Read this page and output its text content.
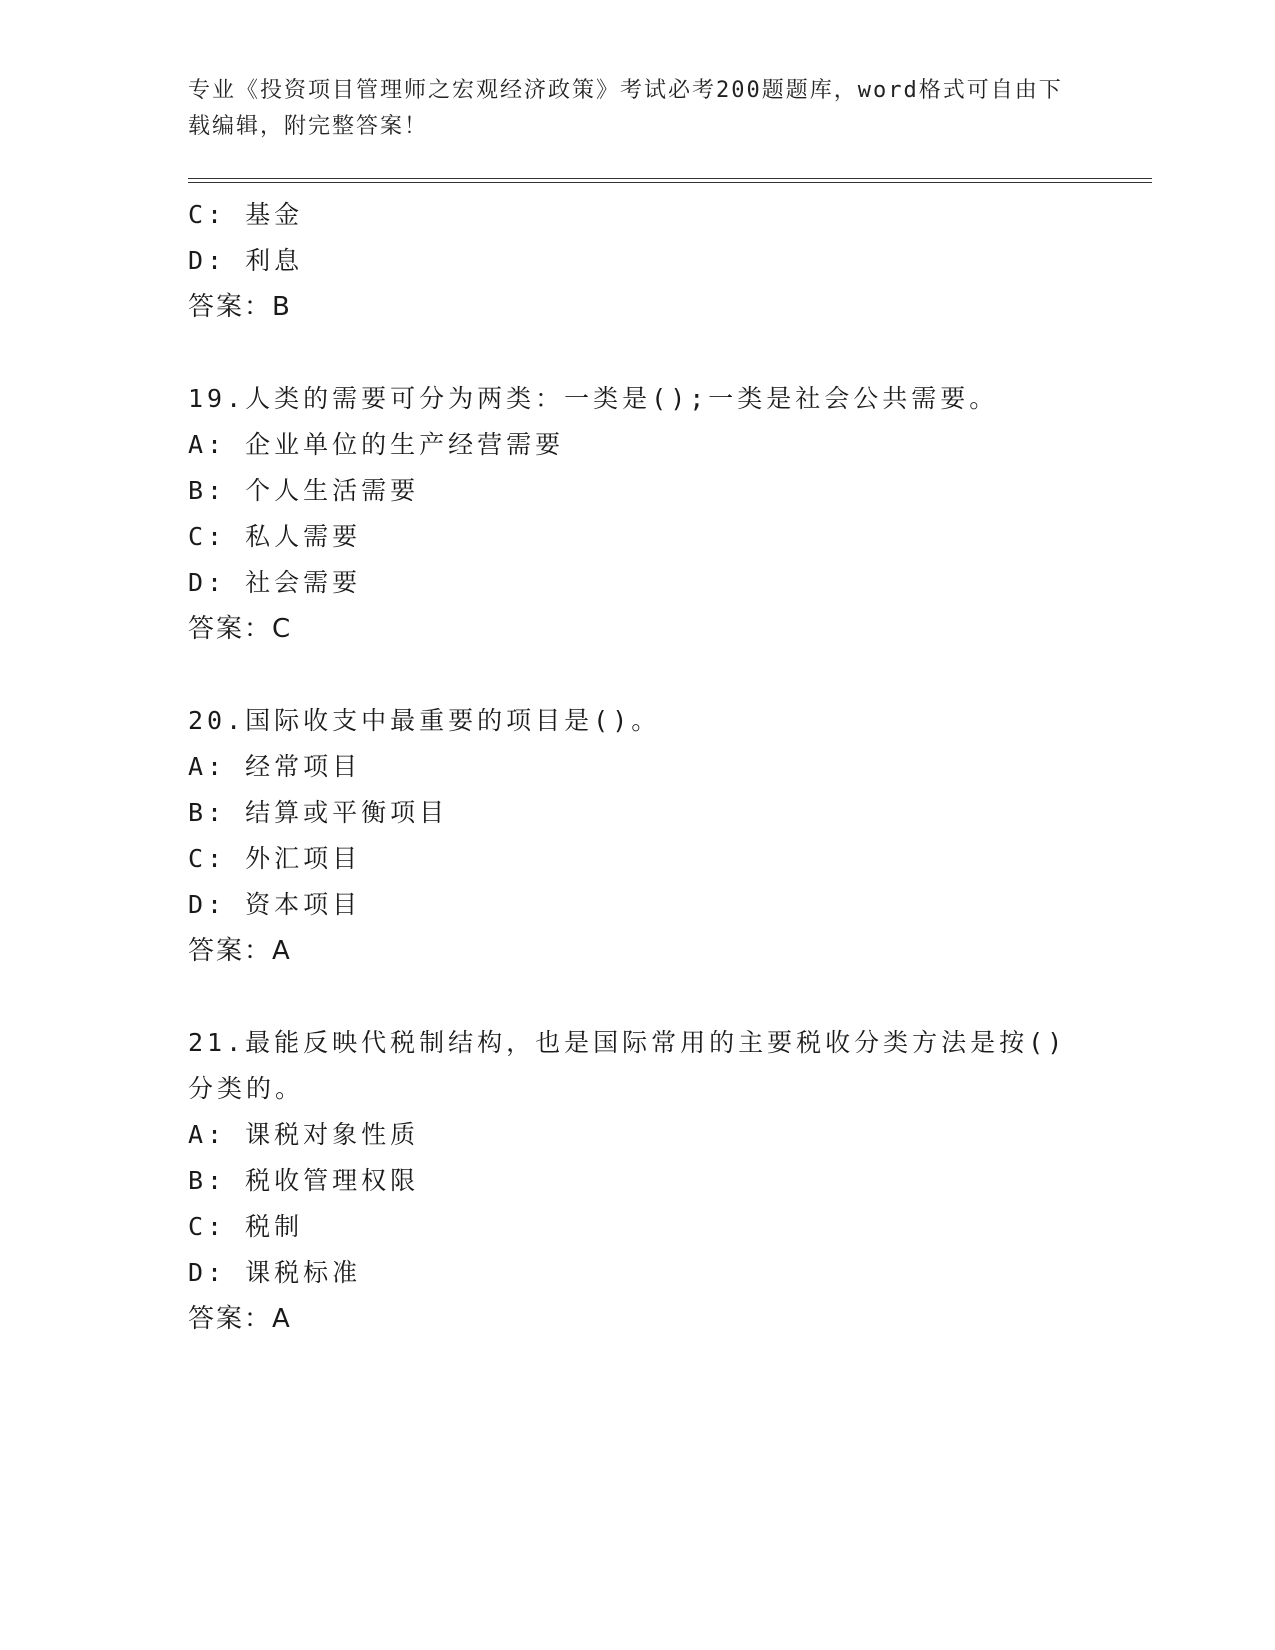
专业《投资项目管理师之宏观经济政策》考试必考200题题库，word格式可自由下载编辑，附完整答案！
C: 基金
D: 利息
答案：B
19.人类的需要可分为两类：一类是();一类是社会公共需要。
A: 企业单位的生产经营需要
B: 个人生活需要
C: 私人需要
D: 社会需要
答案：C
20.国际收支中最重要的项目是()。
A: 经常项目
B: 结算或平衡项目
C: 外汇项目
D: 资本项目
答案：A
21.最能反映代税制结构，也是国际常用的主要税收分类方法是按()分类的。
A: 课税对象性质
B: 税收管理权限
C: 税制
D: 课税标准
答案：A
